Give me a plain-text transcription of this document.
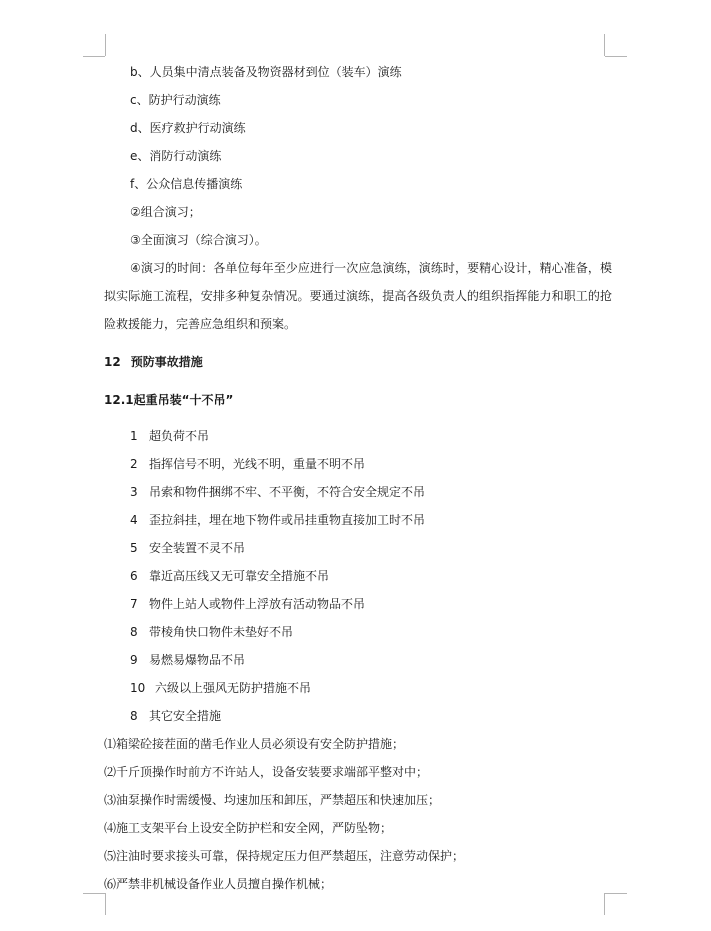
b、人员集中清点装备及物资器材到位（装车）演练
c、防护行动演练
d、医疗救护行动演练
e、消防行动演练
f、公众信息传播演练
②组合演习；
③全面演习（综合演习）。
④演习的时间：各单位每年至少应进行一次应急演练，演练时，要精心设计，精心准备，模拟实际施工流程，安排多种复杂情况。要通过演练，提高各级负责人的组织指挥能力和职工的抢险救援能力，完善应急组织和预案。
12 预防事故措施
12.1起重吊装“十不吊”
1 超负荷不吊
2 指挥信号不明，光线不明，重量不明不吊
3 吊索和物件捆绑不牢、不平衡，不符合安全规定不吊
4 歪拉斜挂，埋在地下物件或吊挂重物直接加工时不吊
5 安全装置不灵不吊
6 靠近高压线又无可靠安全措施不吊
7 物件上站人或物件上浮放有活动物品不吊
8 带棱角快口物件未垫好不吊
9 易燃易爆物品不吊
10 六级以上强风无防护措施不吊
8 其它安全措施
⑴箱梁砼接茬面的凿毛作业人员必须设有安全防护措施；
⑵千斤顶操作时前方不许站人，设备安装要求端部平整对中；
⑶油泵操作时需缓慢、均速加压和卸压，严禁超压和快速加压；
⑷施工支架平台上设安全防护栏和安全网，严防坠物；
⑸注油时要求接头可靠，保持规定压力但严禁超压，注意劳动保护；
⑹严禁非机械设备作业人员擅自操作机械；
